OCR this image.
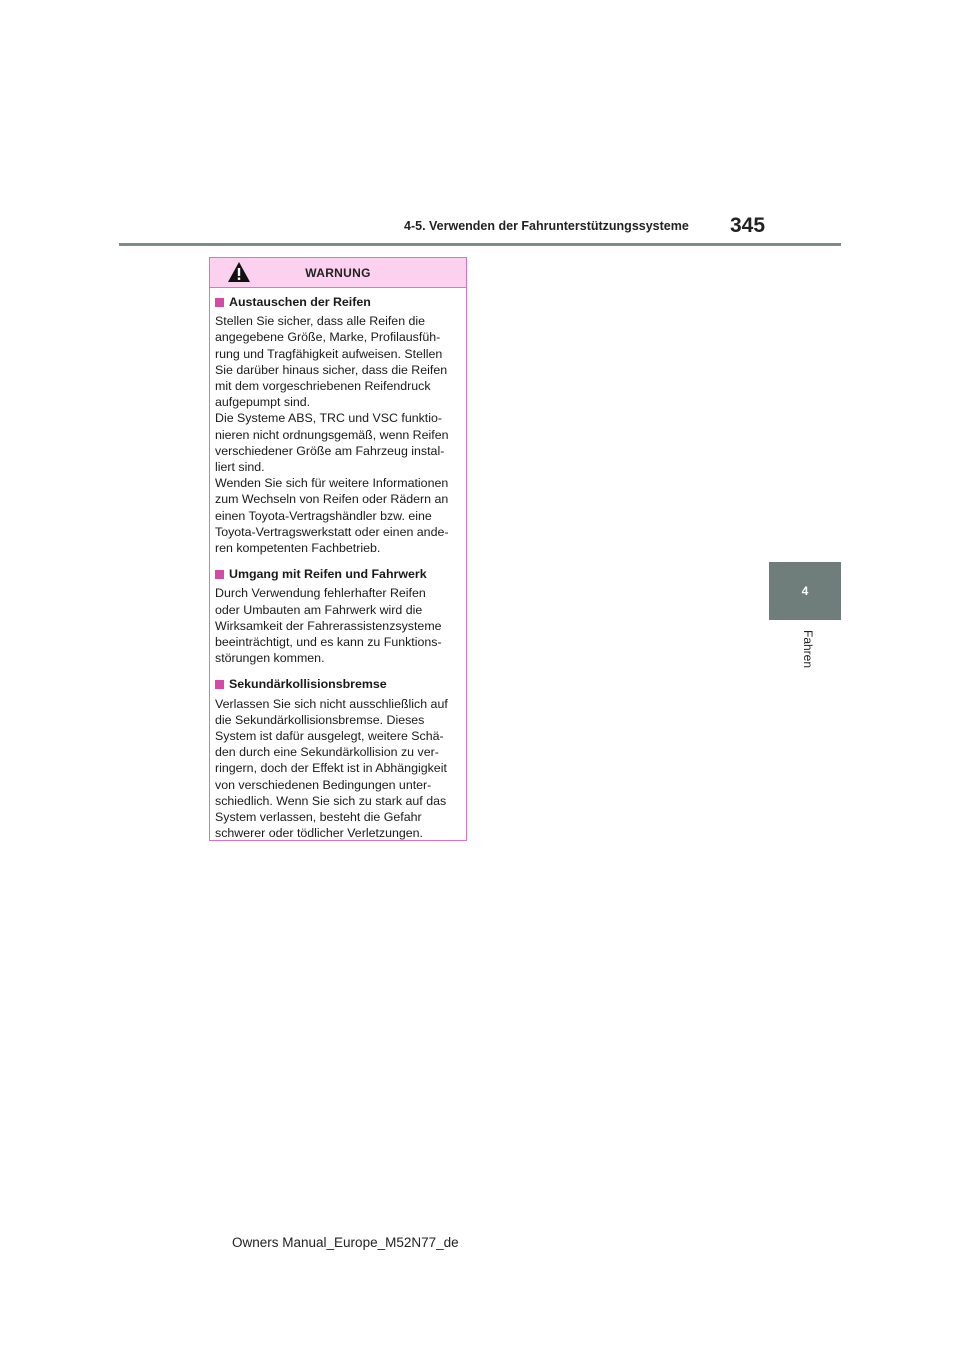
4-5. Verwenden der Fahrunterstützungssysteme	345
4
Fahren
WARNUNG
Austauschen der Reifen
Stellen Sie sicher, dass alle Reifen die
angegebene Größe, Marke, Profilausfüh-
rung und Tragfähigkeit aufweisen. Stellen
Sie darüber hinaus sicher, dass die Reifen
mit dem vorgeschriebenen Reifendruck
aufgepumpt sind.
Die Systeme ABS, TRC und VSC funktio-
nieren nicht ordnungsgemäß, wenn Reifen
verschiedener Größe am Fahrzeug instal-
liert sind.
Wenden Sie sich für weitere Informationen
zum Wechseln von Reifen oder Rädern an
einen Toyota-Vertragshändler bzw. eine
Toyota-Vertragswerkstatt oder einen ande-
ren kompetenten Fachbetrieb.
Umgang mit Reifen und Fahrwerk
Durch Verwendung fehlerhafter Reifen
oder Umbauten am Fahrwerk wird die
Wirksamkeit der Fahrerassistenzsysteme
beeinträchtigt, und es kann zu Funktions-
störungen kommen.
Sekundärkollisionsbremse
Verlassen Sie sich nicht ausschließlich auf
die Sekundärkollisionsbremse. Dieses
System ist dafür ausgelegt, weitere Schä-
den durch eine Sekundärkollision zu ver-
ringern, doch der Effekt ist in Abhängigkeit
von verschiedenen Bedingungen unter-
schiedlich. Wenn Sie sich zu stark auf das
System verlassen, besteht die Gefahr
schwerer oder tödlicher Verletzungen.
Owners Manual_Europe_M52N77_de
